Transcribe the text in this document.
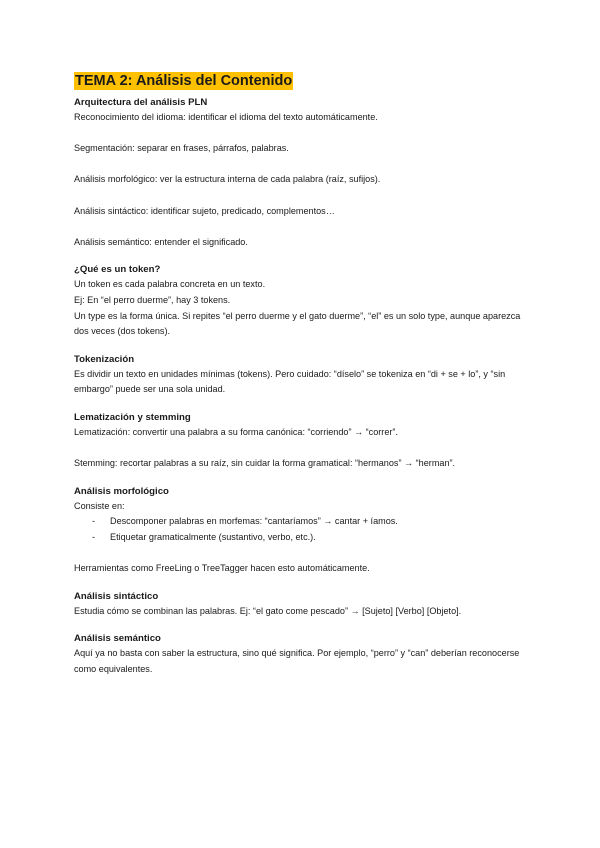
TEMA 2: Análisis del Contenido
Arquitectura del análisis PLN
Reconocimiento del idioma: identificar el idioma del texto automáticamente.
Segmentación: separar en frases, párrafos, palabras.
Análisis morfológico: ver la estructura interna de cada palabra (raíz, sufijos).
Análisis sintáctico: identificar sujeto, predicado, complementos…
Análisis semántico: entender el significado.
¿Qué es un token?
Un token es cada palabra concreta en un texto.
Ej: En “el perro duerme”, hay 3 tokens.
Un type es la forma única. Si repites “el perro duerme y el gato duerme”, “el” es un solo type, aunque aparezca dos veces (dos tokens).
Tokenización
Es dividir un texto en unidades mínimas (tokens). Pero cuidado: “díselo” se tokeniza en “di + se + lo”, y “sin embargo” puede ser una sola unidad.
Lematización y stemming
Lematización: convertir una palabra a su forma canónica: “corriendo” → “correr”.
Stemming: recortar palabras a su raíz, sin cuidar la forma gramatical: “hermanos” → “herman”.
Análisis morfológico
Consiste en:
- Descomponer palabras en morfemas: “cantaríamos” → cantar + íamos.
- Etiquetar gramaticalmente (sustantivo, verbo, etc.).
Herramientas como FreeLing o TreeTagger hacen esto automáticamente.
Análisis sintáctico
Estudia cómo se combinan las palabras. Ej: “el gato come pescado” → [Sujeto] [Verbo] [Objeto].
Análisis semántico
Aquí ya no basta con saber la estructura, sino qué significa. Por ejemplo, “perro” y “can” deberían reconocerse como equivalentes.
